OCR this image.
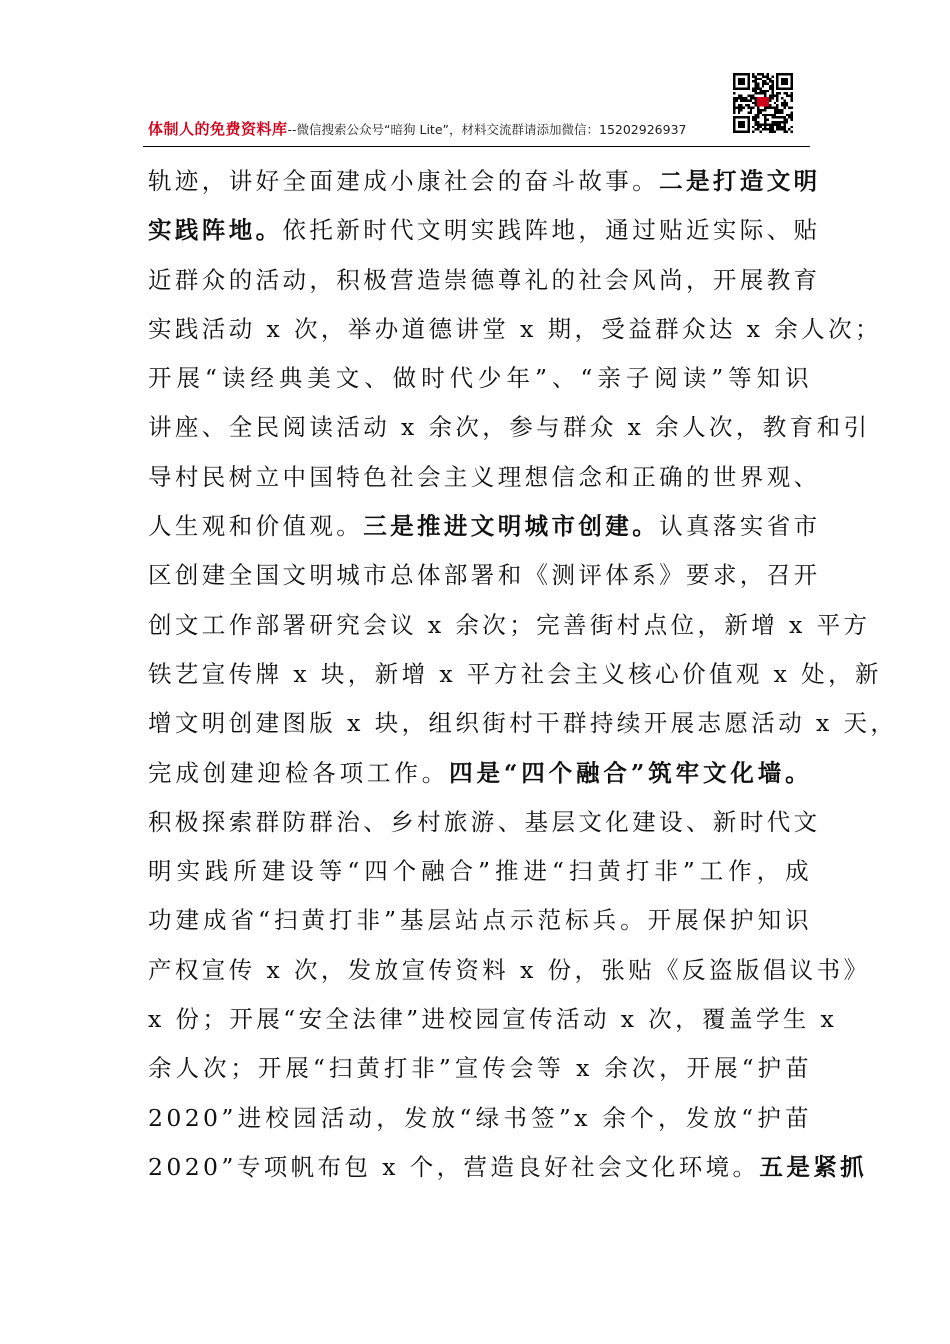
体制人的免费资料库--微信搜索公众号“暗狗 Lite”，材料交流群请添加微信：15202926937
轨迹，讲好全面建成小康社会的奋斗故事。二是打造文明
实践阵地。依托新时代文明实践阵地，通过贴近实际、贴
近群众的活动，积极营造崇德尊礼的社会风尚，开展教育
实践活动 x 次，举办道德讲堂 x 期，受益群众达 x 余人次；
开展“读经典美文、做时代少年”、“亲子阅读”等知识
讲座、全民阅读活动 x 余次，参与群众 x 余人次，教育和引
导村民树立中国特色社会主义理想信念和正确的世界观、
人生观和价值观。三是推进文明城市创建。认真落实省市
区创建全国文明城市总体部署和《测评体系》要求，召开
创文工作部署研究会议 x 余次；完善街村点位，新增 x 平方
铁艺宣传牌 x 块，新增 x 平方社会主义核心价值观 x 处，新
增文明创建图版 x 块，组织街村干群持续开展志愿活动 x 天，
完成创建迎检各项工作。四是“四个融合”筑牢文化墙。
积极探索群防群治、乡村旅游、基层文化建设、新时代文
明实践所建设等“四个融合”推进“扫黄打非”工作，成
功建成省“扫黄打非”基层站点示范标兵。开展保护知识
产权宣传 x 次，发放宣传资料 x 份，张贴《反盗版倡议书》
x 份；开展“安全法律”进校园宣传活动 x 次，覆盖学生 x
余人次；开展“扫黄打非”宣传会等 x 余次，开展“护苗
2020”进校园活动，发放“绿书签”x 余个，发放“护苗
2020”专项帆布包 x 个，营造良好社会文化环境。五是紧抓
